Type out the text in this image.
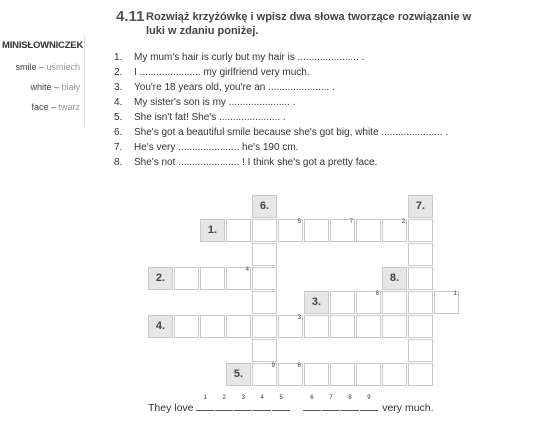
4.11 Rozwiąż krzyżówkę i wpisz dwa słowa tworzące rozwiązanie w luki w zdaniu poniżej.
MINISŁOWNICZEK
smile – uśmiech
white – biały
face – twarz
1. My mum's hair is curly but my hair is ...................... .
2. I ...................... my girlfriend very much.
3. You're 18 years old, you're an ...................... .
4. My sister's son is my ...................... .
5. She isn't fat! She's ...................... .
6. She's got a beautiful smile because she's got big, white ...................... .
7. He's very ...................... he's 190 cm.
8. She's not ...................... ! I think she's got a pretty face.
6.	7.
1.
5	7	2
2.
4
8.
3.
8	1
4.
3
5.
9	6
They love
1	2	3	4	5
	6	7	8	9
very much.
